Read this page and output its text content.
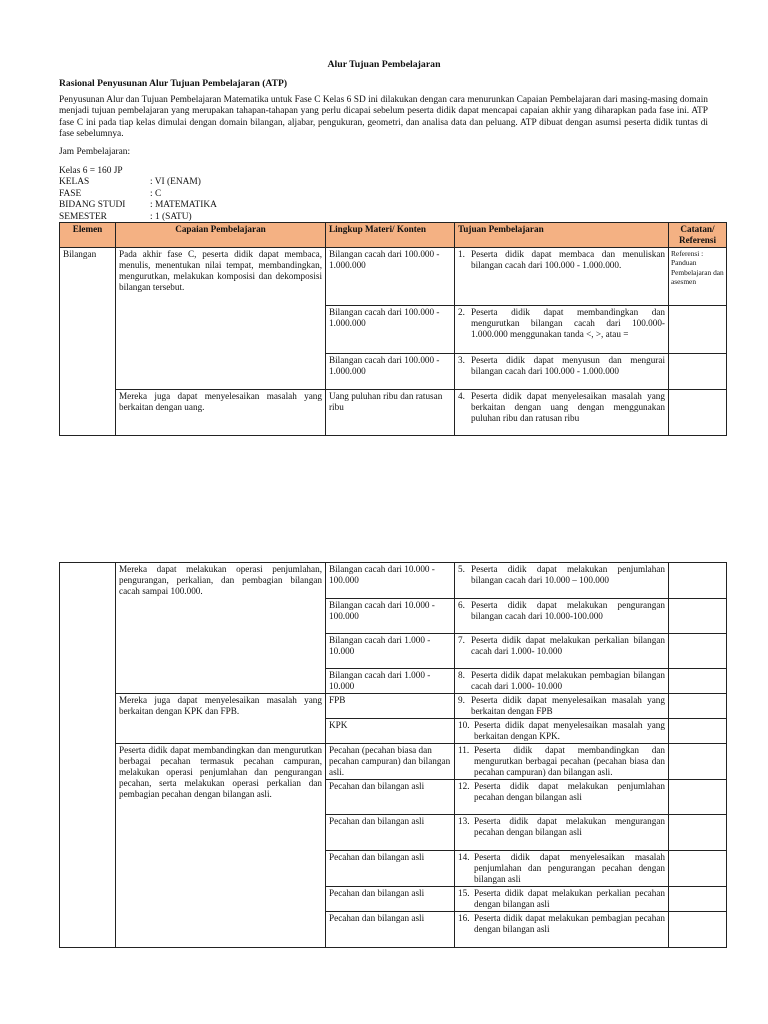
Alur Tujuan Pembelajaran
Rasional Penyusunan Alur Tujuan Pembelajaran (ATP)
Penyusunan Alur dan Tujuan Pembelajaran Matematika untuk Fase C Kelas 6 SD ini dilakukan dengan cara menurunkan Capaian Pembelajaran dari masing-masing domain menjadi tujuan pembelajaran yang merupakan tahapan-tahapan yang perlu dicapai sebelum peserta didik dapat mencapai capaian akhir yang diharapkan pada fase ini. ATP fase C ini pada tiap kelas dimulai dengan domain bilangan, aljabar, pengukuran, geometri, dan analisa data dan peluang. ATP dibuat dengan asumsi peserta didik tuntas di fase sebelumnya.
Jam Pembelajaran:
Kelas 6 = 160 JP
KELAS	: VI (ENAM)
FASE	: C
BIDANG STUDI	: MATEMATIKA
SEMESTER	: 1 (SATU)
Elemen	Capaian Pembelajaran	Lingkup Materi/ Konten	Tujuan Pembelajaran	Catatan/ Referensi
Bilangan	Pada akhir fase C, peserta didik dapat membaca, menulis, menentukan nilai tempat, membandingkan, mengurutkan, melakukan komposisi dan dekomposisi bilangan tersebut.	Bilangan cacah dari 100.000 - 1.000.000	1. Peserta didik dapat membaca dan menuliskan bilangan cacah dari 100.000 - 1.000.000.	Referensi : Panduan Pembelajaran dan asesmen
		Bilangan cacah dari 100.000 - 1.000.000	2. Peserta didik dapat membandingkan dan mengurutkan bilangan cacah dari 100.000- 1.000.000 menggunakan tanda <, >, atau =	

		Bilangan cacah dari 100.000 - 1.000.000	3. Peserta didik dapat menyusun dan mengurai bilangan cacah dari 100.000 - 1.000.000	

	Mereka juga dapat menyelesaikan masalah yang berkaitan dengan uang.	Uang puluhan ribu dan ratusan ribu	4. Peserta didik dapat menyelesaikan masalah yang berkaitan dengan uang dengan menggunakan puluhan ribu dan ratusan ribu	

	Mereka dapat melakukan operasi penjumlahan, pengurangan, perkalian, dan pembagian bilangan cacah sampai 100.000.	Bilangan cacah dari 10.000 - 100.000	5. Peserta didik dapat melakukan penjumlahan bilangan cacah dari 10.000 – 100.000	

		Bilangan cacah dari 10.000 - 100.000	6. Peserta didik dapat melakukan pengurangan bilangan cacah dari 10.000-100.000	

		Bilangan cacah dari 1.000 - 10.000	7. Peserta didik dapat melakukan perkalian bilangan cacah dari 1.000- 10.000	

		Bilangan cacah dari 1.000 - 10.000	8. Peserta didik dapat melakukan pembagian bilangan cacah dari 1.000- 10.000	

	Mereka juga dapat menyelesaikan masalah yang berkaitan dengan KPK dan FPB.	FPB	9. Peserta didik dapat menyelesaikan masalah yang berkaitan dengan FPB	

		KPK	10. Peserta didik dapat menyelesaikan masalah yang berkaitan dengan KPK.	

	Peserta didik dapat membandingkan dan mengurutkan berbagai pecahan termasuk pecahan campuran, melakukan operasi penjumlahan dan pengurangan pecahan, serta melakukan operasi perkalian dan pembagian pecahan dengan bilangan asli.	Pecahan (pecahan biasa dan pecahan campuran) dan bilangan asli.	11. Peserta didik dapat membandingkan dan mengurutkan berbagai pecahan (pecahan biasa dan pecahan campuran) dan bilangan asli.	

		Pecahan dan bilangan asli	12. Peserta didik dapat melakukan penjumlahan pecahan dengan bilangan asli	

		Pecahan dan bilangan asli	13. Peserta didik dapat melakukan mengurangan pecahan dengan bilangan asli	

		Pecahan dan bilangan asli	14. Peserta didik dapat menyelesaikan masalah penjumlahan dan pengurangan pecahan dengan bilangan asli	

		Pecahan dan bilangan asli	15. Peserta didik dapat melakukan perkalian pecahan dengan bilangan asli	

		Pecahan dan bilangan asli	16. Peserta didik dapat melakukan pembagian pecahan dengan bilangan asli	
